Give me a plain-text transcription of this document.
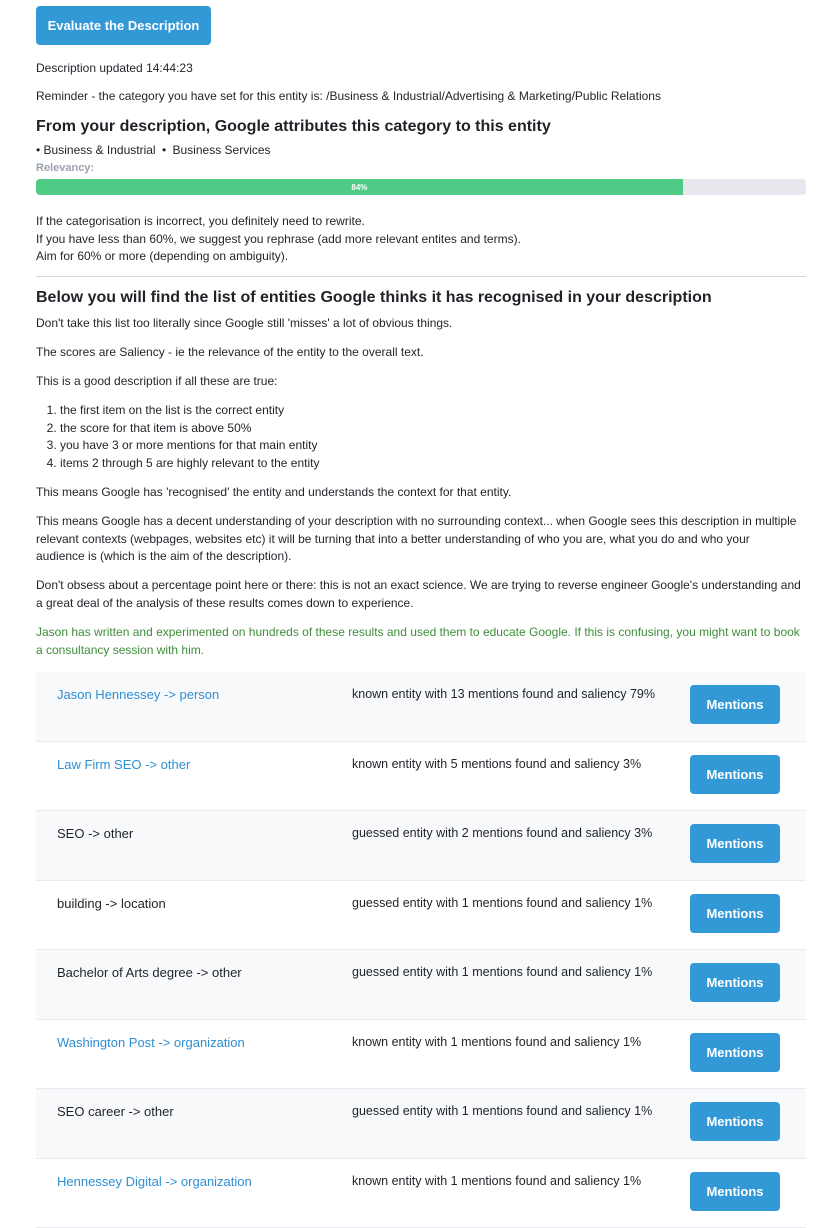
Evaluate the Description
Description updated 14:44:23
Reminder - the category you have set for this entity is: /Business & Industrial/Advertising & Marketing/Public Relations
From your description, Google attributes this category to this entity
• Business & Industrial • Business Services
Relevancy:
84%
If the categorisation is incorrect, you definitely need to rewrite.
If you have less than 60%, we suggest you rephrase (add more relevant entites and terms).
Aim for 60% or more (depending on ambiguity).
Below you will find the list of entities Google thinks it has recognised in your description
Don't take this list too literally since Google still 'misses' a lot of obvious things.
The scores are Saliency - ie the relevance of the entity to the overall text.
This is a good description if all these are true:
1. the first item on the list is the correct entity
2. the score for that item is above 50%
3. you have 3 or more mentions for that main entity
4. items 2 through 5 are highly relevant to the entity
This means Google has 'recognised' the entity and understands the context for that entity.
This means Google has a decent understanding of your description with no surrounding context... when Google sees this description in multiple relevant contexts (webpages, websites etc) it will be turning that into a better understanding of who you are, what you do and who your audience is (which is the aim of the description).
Don't obsess about a percentage point here or there: this is not an exact science. We are trying to reverse engineer Google's understanding and a great deal of the analysis of these results comes down to experience.
Jason has written and experimented on hundreds of these results and used them to educate Google. If this is confusing, you might want to book a consultancy session with him.
Jason Hennessey -> person	known entity with 13 mentions found and saliency 79%
Mentions
Law Firm SEO -> other	known entity with 5 mentions found and saliency 3%
Mentions
SEO -> other	guessed entity with 2 mentions found and saliency 3%
Mentions
building -> location	guessed entity with 1 mentions found and saliency 1%
Mentions
Bachelor of Arts degree -> other	guessed entity with 1 mentions found and saliency 1%
Mentions
Washington Post -> organization	known entity with 1 mentions found and saliency 1%
Mentions
SEO career -> other	guessed entity with 1 mentions found and saliency 1%
Mentions
Hennessey Digital -> organization	known entity with 1 mentions found and saliency 1%
Mentions
